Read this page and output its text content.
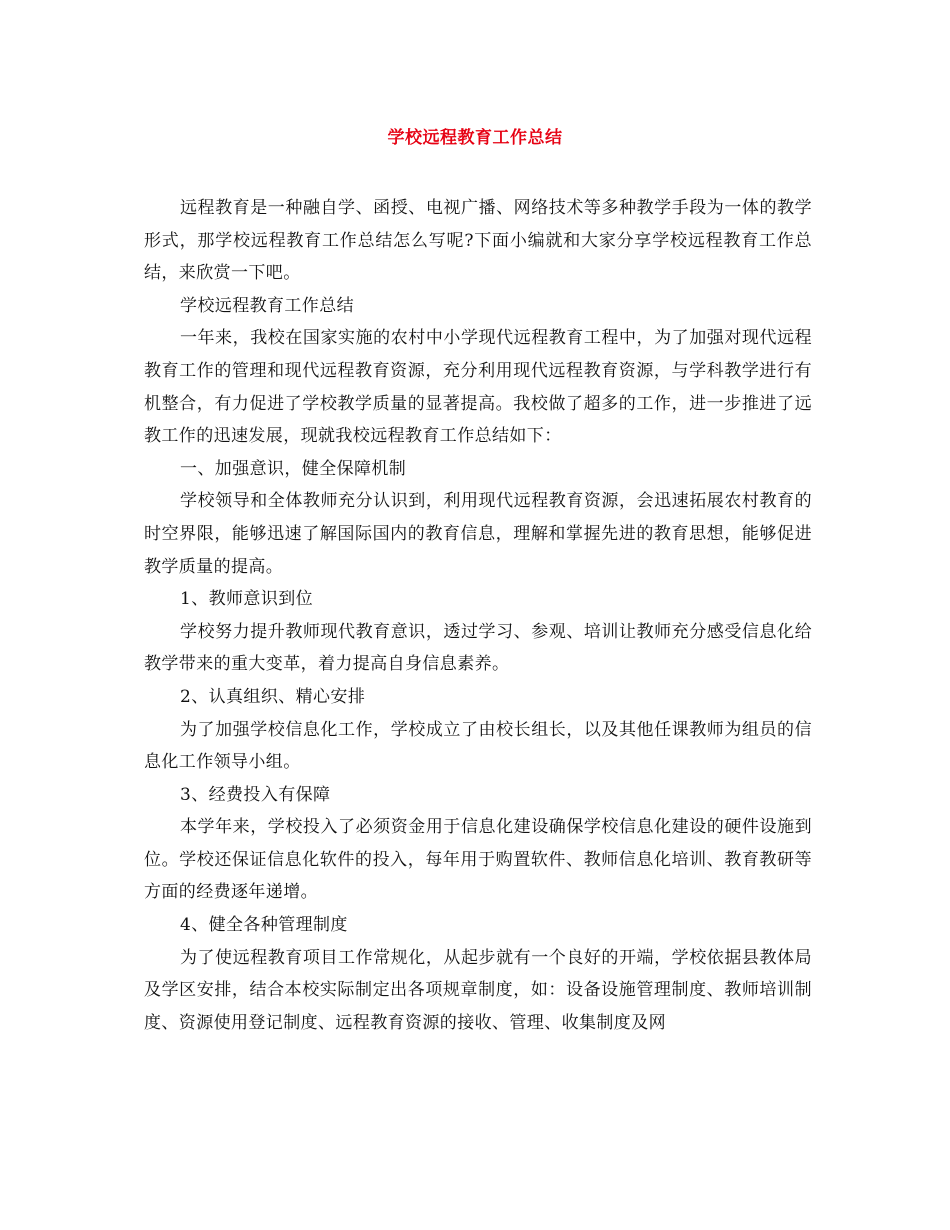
学校远程教育工作总结

远程教育是一种融自学、函授、电视广播、网络技术等多种教学手段为一体的教学形式，那学校远程教育工作总结怎么写呢?下面小编就和大家分享学校远程教育工作总结，来欣赏一下吧。

学校远程教育工作总结

一年来，我校在国家实施的农村中小学现代远程教育工程中，为了加强对现代远程教育工作的管理和现代远程教育资源，充分利用现代远程教育资源，与学科教学进行有机整合，有力促进了学校教学质量的显著提高。我校做了超多的工作，进一步推进了远教工作的迅速发展，现就我校远程教育工作总结如下：

一、加强意识，健全保障机制

学校领导和全体教师充分认识到，利用现代远程教育资源，会迅速拓展农村教育的时空界限，能够迅速了解国际国内的教育信息，理解和掌握先进的教育思想，能够促进教学质量的提高。

1、教师意识到位

学校努力提升教师现代教育意识，透过学习、参观、培训让教师充分感受信息化给教学带来的重大变革，着力提高自身信息素养。

2、认真组织、精心安排

为了加强学校信息化工作，学校成立了由校长组长，以及其他任课教师为组员的信息化工作领导小组。

3、经费投入有保障

本学年来，学校投入了必须资金用于信息化建设确保学校信息化建设的硬件设施到位。学校还保证信息化软件的投入，每年用于购置软件、教师信息化培训、教育教研等方面的经费逐年递增。

4、健全各种管理制度

为了使远程教育项目工作常规化，从起步就有一个良好的开端，学校依据县教体局及学区安排，结合本校实际制定出各项规章制度，如：设备设施管理制度、教师培训制度、资源使用登记制度、远程教育资源的接收、管理、收集制度及网
